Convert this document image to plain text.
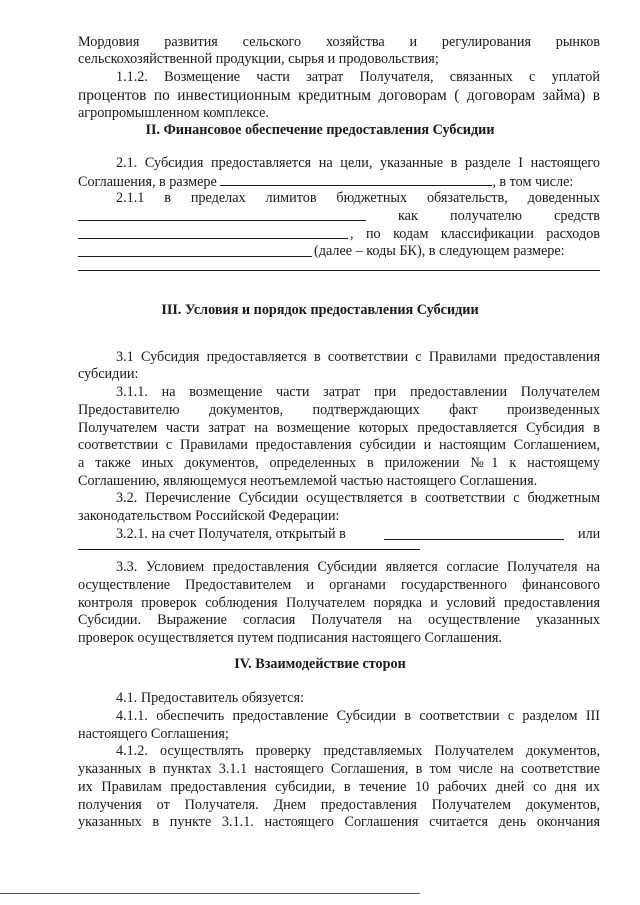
Мордовия развития сельского хозяйства и регулирования рынков
сельскохозяйственной продукции, сырья и продовольствия;
1.1.2. Возмещение части затрат Получателя, связанных с уплатой
процентов по инвестиционным кредитным договорам ( договорам займа) в
агропромышленном комплексе.
II. Финансовое обеспечение предоставления Субсидии
2.1. Субсидия предоставляется на цели, указанные в разделе I настоящего
Соглашения, в размере	, в том числе:
2.1.1 в пределах лимитов бюджетных обязательств, доведенных
как получателю средств
, по кодам классификации расходов
(далее – коды БК), в следующем размере:
III. Условия и порядок предоставления Субсидии
3.1 Субсидия предоставляется в соответствии с Правилами предоставления
субсидии:
3.1.1. на возмещение части затрат при предоставлении Получателем
Предоставителю документов, подтверждающих факт произведенных
Получателем части затрат на возмещение которых предоставляется Субсидия в
соответствии с Правилами предоставления субсидии и настоящим Соглашением,
а также иных документов, определенных в приложении №1 к настоящему
Соглашению, являющемуся неотъемлемой частью настоящего Соглашения.
3.2. Перечисление Субсидии осуществляется в соответствии с бюджетным
законодательством Российской Федерации:
3.2.1. на счет Получателя, открытый в	или
3.3. Условием предоставления Субсидии является согласие Получателя на
осуществление Предоставителем и органами государственного финансового
контроля проверок соблюдения Получателем порядка и условий предоставления
Субсидии. Выражение согласия Получателя на осуществление указанных
проверок осуществляется путем подписания настоящего Соглашения.
IV. Взаимодействие сторон
4.1. Предоставитель обязуется:
4.1.1. обеспечить предоставление Субсидии в соответствии с разделом III
настоящего Соглашения;
4.1.2. осуществлять проверку представляемых Получателем документов,
указанных в пунктах 3.1.1 настоящего Соглашения, в том числе на соответствие
их Правилам предоставления субсидии, в течение 10 рабочих дней со дня их
получения от Получателя. Днем предоставления Получателем документов,
указанных в пункте 3.1.1. настоящего Соглашения считается день окончания
